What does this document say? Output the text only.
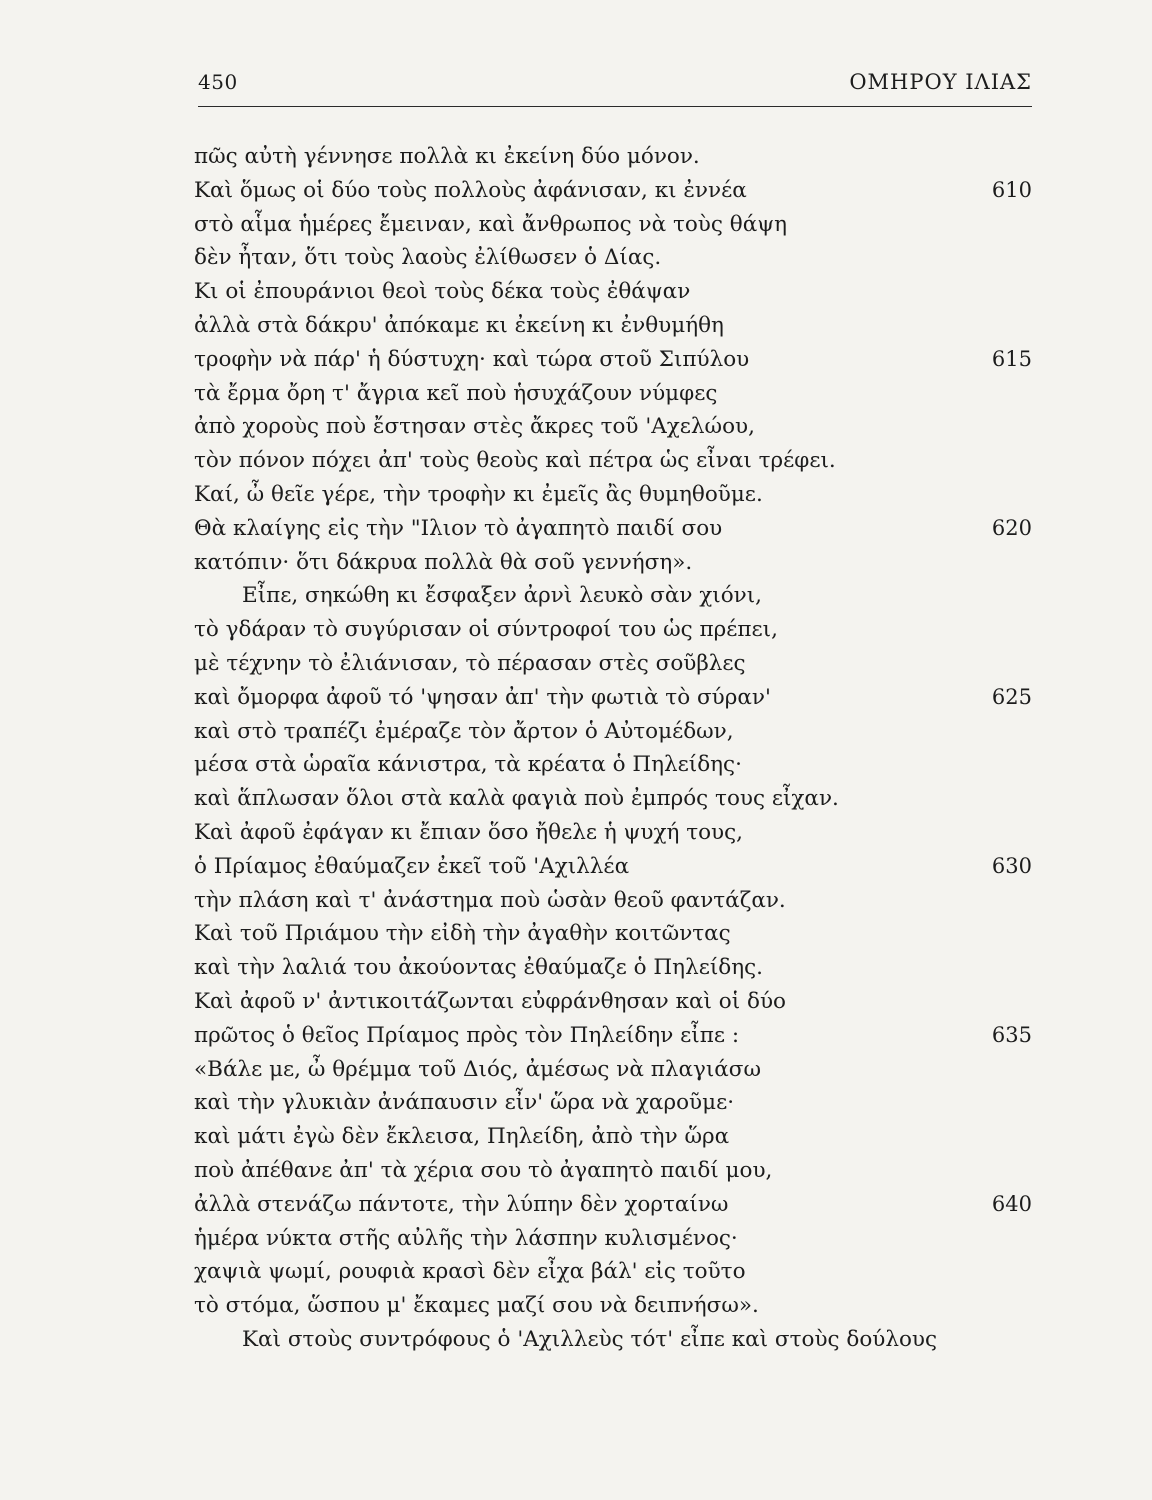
450	ΟΜΗΡΟΥ ΙΛΙΑΣ
πῶς αὐτὴ γέννησε πολλὰ κι ἐκείνη δύο μόνον.
Καὶ ὅμως οἱ δύο τοὺς πολλοὺς ἀφάνισαν, κι ἐννέα	610
στὸ αἷμα ἡμέρες ἔμειναν, καὶ ἄνθρωπος νὰ τοὺς θάψη
δὲν ἦταν, ὅτι τοὺς λαοὺς ἐλίθωσεν ὁ Δίας.
Κι οἱ ἐπουράνιοι θεοὶ τοὺς δέκα τοὺς ἐθάψαν
ἀλλὰ στὰ δάκρυ' ἀπόκαμε κι ἐκείνη κι ἐνθυμήθη
τροφὴν νὰ πάρ' ἡ δύστυχη· καὶ τώρα στοῦ Σιπύλου	615
τὰ ἔρμα ὄρη τ' ἄγρια κεῖ ποὺ ἡσυχάζουν νύμφες
ἀπὸ χοροὺς ποὺ ἔστησαν στὲς ἄκρες τοῦ 'Αχελώου,
τὸν πόνον πόχει ἀπ' τοὺς θεοὺς καὶ πέτρα ὡς εἶναι τρέφει.
Καί, ὦ θεῖε γέρε, τὴν τροφὴν κι ἐμεῖς ἂς θυμηθοῦμε.
Θὰ κλαίγης εἰς τὴν "Ιλιον τὸ ἀγαπητὸ παιδί σου	620
κατόπιν· ὅτι δάκρυα πολλὰ θὰ σοῦ γεννήση».
Εἶπε, σηκώθη κι ἔσφαξεν ἀρνὶ λευκὸ σὰν χιόνι,
τὸ γδάραν τὸ συγύρισαν οἱ σύντροφοί του ὡς πρέπει,
μὲ τέχνην τὸ ἐλιάνισαν, τὸ πέρασαν στὲς σοῦβλες
καὶ ὄμορφα ἀφοῦ τό 'ψησαν ἀπ' τὴν φωτιὰ τὸ σύραν'	625
καὶ στὸ τραπέζι ἐμέραζε τὸν ἄρτον ὁ Αὐτομέδων,
μέσα στὰ ὡραῖα κάνιστρα, τὰ κρέατα ὁ Πηλείδης·
καὶ ἅπλωσαν ὅλοι στὰ καλὰ φαγιὰ ποὺ ἐμπρός τους εἶχαν.
Καὶ ἀφοῦ ἐφάγαν κι ἔπιαν ὅσο ἤθελε ἡ ψυχή τους,
ὁ Πρίαμος ἐθαύμαζεν ἐκεῖ τοῦ 'Αχιλλέα	630
τὴν πλάση καὶ τ' ἀνάστημα ποὺ ὡσὰν θεοῦ φαντάζαν.
Καὶ τοῦ Πριάμου τὴν εἰδὴ τὴν ἀγαθὴν κοιτῶντας
καὶ τὴν λαλιά του ἀκούοντας ἐθαύμαζε ὁ Πηλείδης.
Καὶ ἀφοῦ ν' ἀντικοιτάζωνται εὐφράνθησαν καὶ οἱ δύο
πρῶτος ὁ θεῖος Πρίαμος πρὸς τὸν Πηλείδην εἶπε :	635
«Βάλε με, ὦ θρέμμα τοῦ Διός, ἀμέσως νὰ πλαγιάσω
καὶ τὴν γλυκιὰν ἀνάπαυσιν εἶν' ὥρα νὰ χαροῦμε·
καὶ μάτι ἐγὼ δὲν ἔκλεισα, Πηλείδη, ἀπὸ τὴν ὥρα
ποὺ ἀπέθανε ἀπ' τὰ χέρια σου τὸ ἀγαπητὸ παιδί μου,
ἀλλὰ στενάζω πάντοτε, τὴν λύπην δὲν χορταίνω	640
ἡμέρα νύκτα στῆς αὐλῆς τὴν λάσπην κυλισμένος·
χαψιὰ ψωμί, ρουφιὰ κρασὶ δὲν εἶχα βάλ' εἰς τοῦτο
τὸ στόμα, ὥσπου μ' ἔκαμες μαζί σου νὰ δειπνήσω».
Καὶ στοὺς συντρόφους ὁ 'Αχιλλεὺς τότ' εἶπε καὶ στοὺς δούλους
